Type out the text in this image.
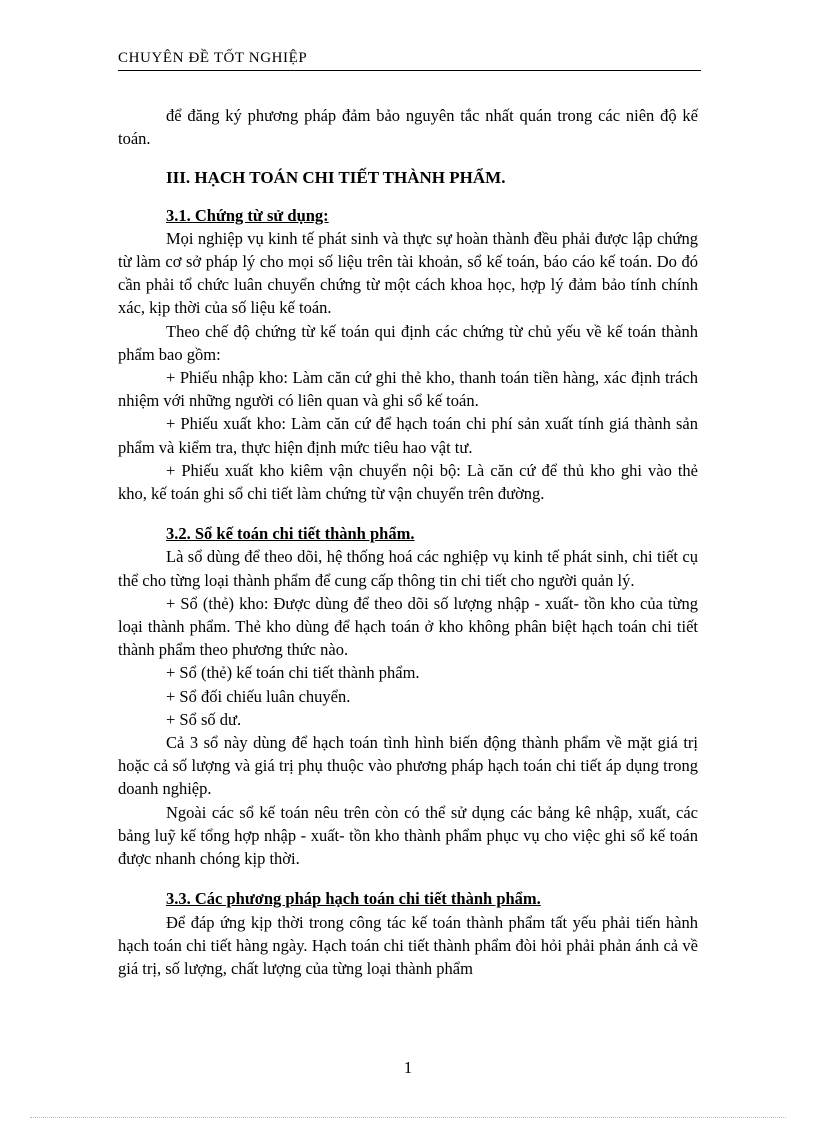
CHUYÊN ĐỀ TỐT NGHIỆP

để đăng ký phương pháp đảm bảo nguyên tắc nhất quán trong các niên độ kế toán.

III. HẠCH TOÁN CHI TIẾT THÀNH PHẨM.
3.1. Chứng từ sử dụng:

Mọi nghiệp vụ kinh tế phát sinh và thực sự hoàn thành đều phải được lập chứng từ làm cơ sở pháp lý cho mọi số liệu trên tài khoản, sổ kế toán, báo cáo kế toán. Do đó cần phải tổ chức luân chuyển chứng từ một cách khoa học, hợp lý đảm bảo tính chính xác, kịp thời của số liệu kế toán.

Theo chế độ chứng từ kế toán qui định các chứng từ chủ yếu về kế toán thành phẩm bao gồm:

+ Phiếu nhập kho: Làm căn cứ ghi thẻ kho, thanh toán tiền hàng, xác định trách nhiệm với những người có liên quan và ghi sổ kế toán.

+ Phiếu xuất kho: Làm căn cứ để hạch toán chi phí sản xuất tính giá thành sản phẩm và kiểm tra, thực hiện định mức tiêu hao vật tư.

+ Phiếu xuất kho kiêm vận chuyển nội bộ: Là căn cứ để thủ kho ghi vào thẻ kho, kế toán ghi sổ chi tiết làm chứng từ vận chuyển trên đường.

3.2. Sổ kế toán chi tiết thành phẩm.

Là sổ dùng để theo dõi, hệ thống hoá các nghiệp vụ kinh tế phát sinh, chi tiết cụ thể cho từng loại thành phẩm để cung cấp thông tin chi tiết cho người quản lý.

+ Sổ (thẻ) kho: Được dùng để theo dõi số lượng nhập - xuất- tồn kho của từng loại thành phẩm. Thẻ kho dùng để hạch toán ở kho không phân biệt hạch toán chi tiết thành phẩm theo phương thức nào.

+ Sổ (thẻ) kế toán chi tiết thành phẩm.

+ Sổ đối chiếu luân chuyển.

+ Sổ số dư.

Cả 3 sổ này dùng để hạch toán tình hình biến động thành phẩm về mặt giá trị hoặc cả số lượng và giá trị phụ thuộc vào phương pháp hạch toán chi tiết áp dụng trong doanh nghiệp.

Ngoài các sổ kế toán nêu trên còn có thể sử dụng các bảng kê nhập, xuất, các bảng luỹ kế tổng hợp nhập - xuất- tồn kho thành phẩm phục vụ cho việc ghi sổ kế toán được nhanh chóng kịp thời.

3.3. Các phương pháp hạch toán chi tiết thành phẩm.

Để đáp ứng kịp thời trong công tác kế toán thành phẩm tất yếu phải tiến hành hạch toán chi tiết hàng ngày. Hạch toán chi tiết thành phẩm đòi hỏi phải phản ánh cả về giá trị, số lượng, chất lượng của từng loại thành phẩm

1
